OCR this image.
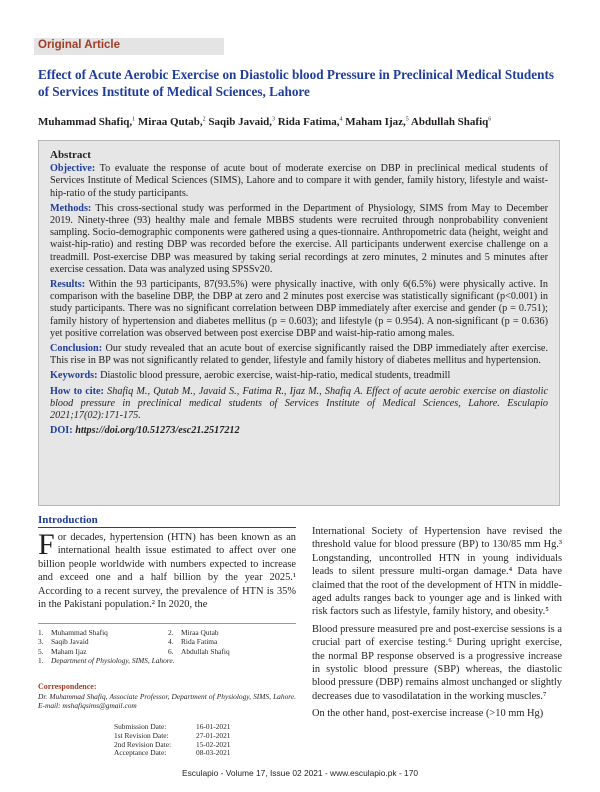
Original Article
Effect of Acute Aerobic Exercise on Diastolic blood Pressure in Preclinical Medical Students of Services Institute of Medical Sciences, Lahore
Muhammad Shafiq,$^1$ Miraa Qutab,$^2$ Saqib Javaid,$^3$ Rida Fatima,$^4$ Maham Ijaz,$^5$ Abdullah Shafiq$^6$
Abstract
Objective: To evaluate the response of acute bout of moderate exercise on DBP in preclinical medical students of Services Institute of Medical Sciences (SIMS), Lahore and to compare it with gender, family history, lifestyle and waist-hip-ratio of the study participants.
Methods: This cross-sectional study was performed in the Department of Physiology, SIMS from May to December 2019. Ninety-three (93) healthy male and female MBBS students were recruited through nonprobability convenient sampling. Socio-demographic components were gathered using a ques-tionnaire. Anthropometric data (height, weight and waist-hip-ratio) and resting DBP was recorded before the exercise. All participants underwent exercise challenge on a treadmill. Post-exercise DBP was measured by taking serial recordings at zero minutes, 2 minutes and 5 minutes after exercise cessation. Data was analyzed using SPSSv20.
Results: Within the 93 participants, 87(93.5%) were physically inactive, with only 6(6.5%) were physically active. In comparison with the baseline DBP, the DBP at zero and 2 minutes post exercise was statistically significant (p<0.001) in study participants. There was no significant correlation between DBP immediately after exercise and gender (p = 0.751); family history of hypertension and diabetes mellitus (p = 0.603); and lifestyle (p = 0.954). A non-significant (p = 0.636) yet positive correlation was observed between post exercise DBP and waist-hip-ratio among males.
Conclusion: Our study revealed that an acute bout of exercise significantly raised the DBP immediately after exercise. This rise in BP was not significantly related to gender, lifestyle and family history of diabetes mellitus and hypertension.
Keywords: Diastolic blood pressure, aerobic exercise, waist-hip-ratio, medical students, treadmill
How to cite: Shafiq M., Qutab M., Javaid S., Fatima R., Ijaz M., Shafiq A. Effect of acute aerobic exercise on diastolic blood pressure in preclinical medical students of Services Institute of Medical Sciences, Lahore. Esculapio 2021;17(02):171-175.
DOI: https://doi.org/10.51273/esc21.2517212
Introduction

For decades, hypertension (HTN) has been known as an international health issue estimated to affect over one billion people worldwide with numbers expected to increase and exceed one and a half billion by the year 2025.¹ According to a recent survey, the prevalence of HTN is 35% in the Pakistani population.² In 2020, the

1.	Muhammad Shafiq	2.	Miraa Qutab
3.	Saqib Javaid	4.	Rida Fatima
5.	Maham Ijaz	6.	Abdullah Shafiq
1.	Department of Physiology, SIMS, Lahore.
Correspondence:
Dr. Muhammad Shafiq, Associate Professor, Department of Physiology, SIMS, Lahore. E-mail: mshafiqsims@gmail.com
Submission Date:	16-01-2021
1st Revision Date:	27-01-2021
2nd Revision Date:	15-02-2021
Acceptance Date:	08-03-2021

International Society of Hypertension have revised the threshold value for blood pressure (BP) to 130/85 mm Hg.³ Longstanding, uncontrolled HTN in young individuals leads to silent pressure multi-organ damage.⁴ Data have claimed that the root of the development of HTN in middle-aged adults ranges back to younger age and is linked with risk factors such as lifestyle, family history, and obesity.⁵

Blood pressure measured pre and post-exercise sessions is a crucial part of exercise testing.⁶ During upright exercise, the normal BP response observed is a progressive increase in systolic blood pressure (SBP) whereas, the diastolic blood pressure (DBP) remains almost unchanged or slightly decreases due to vasodilatation in the working muscles.⁷

On the other hand, post-exercise increase (>10 mm Hg)

Esculapio - Volume 17, Issue 02 2021 - www.esculapio.pk - 170
